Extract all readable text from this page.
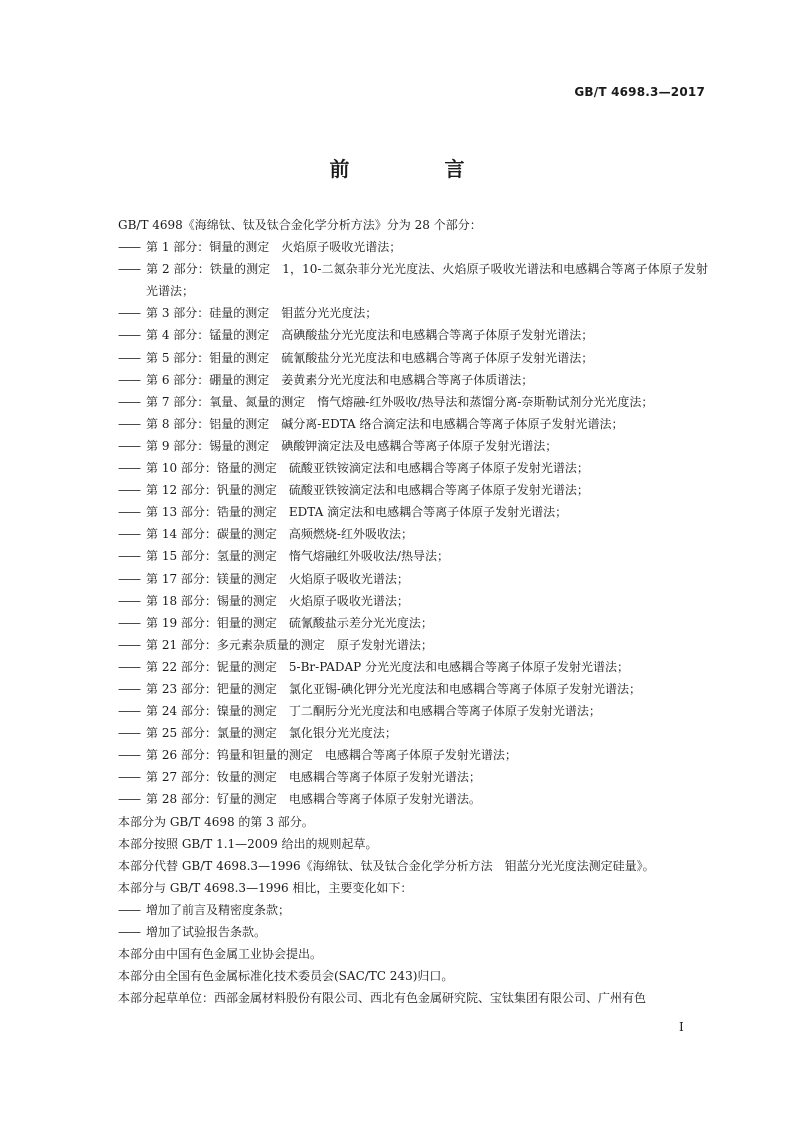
GB/T 4698.3—2017
前 言
GB/T 4698《海绵钛、钛及钛合金化学分析方法》分为 28 个部分：
—— 第 1 部分：铜量的测定　火焰原子吸收光谱法；
—— 第 2 部分：铁量的测定　1，10-二氮杂菲分光光度法、火焰原子吸收光谱法和电感耦合等离子体原子发射光谱法；
—— 第 3 部分：硅量的测定　钼蓝分光光度法；
—— 第 4 部分：锰量的测定　高碘酸盐分光光度法和电感耦合等离子体原子发射光谱法；
—— 第 5 部分：钼量的测定　硫氰酸盐分光光度法和电感耦合等离子体原子发射光谱法；
—— 第 6 部分：硼量的测定　姜黄素分光光度法和电感耦合等离子体质谱法；
—— 第 7 部分：氧量、氮量的测定　惰气熔融-红外吸收/热导法和蒸馏分离-奈斯勒试剂分光光度法；
—— 第 8 部分：铝量的测定　碱分离-EDTA 络合滴定法和电感耦合等离子体原子发射光谱法；
—— 第 9 部分：锡量的测定　碘酸钾滴定法及电感耦合等离子体原子发射光谱法；
—— 第 10 部分：铬量的测定　硫酸亚铁铵滴定法和电感耦合等离子体原子发射光谱法；
—— 第 12 部分：钒量的测定　硫酸亚铁铵滴定法和电感耦合等离子体原子发射光谱法；
—— 第 13 部分：锆量的测定　EDTA 滴定法和电感耦合等离子体原子发射光谱法；
—— 第 14 部分：碳量的测定　高频燃烧-红外吸收法；
—— 第 15 部分：氢量的测定　惰气熔融红外吸收法/热导法；
—— 第 17 部分：镁量的测定　火焰原子吸收光谱法；
—— 第 18 部分：锡量的测定　火焰原子吸收光谱法；
—— 第 19 部分：钼量的测定　硫氰酸盐示差分光光度法；
—— 第 21 部分：多元素杂质量的测定　原子发射光谱法；
—— 第 22 部分：铌量的测定　5-Br-PADAP 分光光度法和电感耦合等离子体原子发射光谱法；
—— 第 23 部分：钯量的测定　氯化亚锡-碘化钾分光光度法和电感耦合等离子体原子发射光谱法；
—— 第 24 部分：镍量的测定　丁二酮肟分光光度法和电感耦合等离子体原子发射光谱法；
—— 第 25 部分：氯量的测定　氯化银分光光度法；
—— 第 26 部分：钨量和钽量的测定　电感耦合等离子体原子发射光谱法；
—— 第 27 部分：钕量的测定　电感耦合等离子体原子发射光谱法；
—— 第 28 部分：钌量的测定　电感耦合等离子体原子发射光谱法。
本部分为 GB/T 4698 的第 3 部分。
本部分按照 GB/T 1.1—2009 给出的规则起草。
本部分代替 GB/T 4698.3—1996《海绵钛、钛及钛合金化学分析方法　钼蓝分光光度法测定硅量》。
本部分与 GB/T 4698.3—1996 相比，主要变化如下：
—— 增加了前言及精密度条款；
—— 增加了试验报告条款。
本部分由中国有色金属工业协会提出。
本部分由全国有色金属标准化技术委员会(SAC/TC 243)归口。
本部分起草单位：西部金属材料股份有限公司、西北有色金属研究院、宝钛集团有限公司、广州有色
I
